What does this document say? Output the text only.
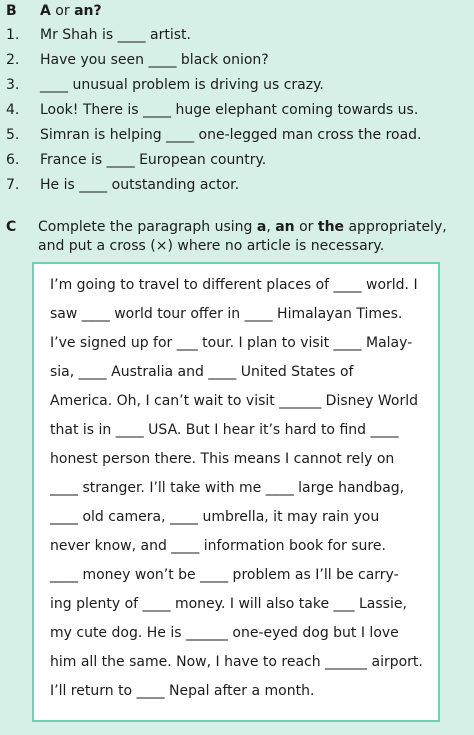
B A or an?
1. Mr Shah is ____ artist.
2. Have you seen ____ black onion?
3. ____ unusual problem is driving us crazy.
4. Look! There is ____ huge elephant coming towards us.
5. Simran is helping ____ one-legged man cross the road.
6. France is ____ European country.
7. He is ____ outstanding actor.
C Complete the paragraph using a, an or the appropriately,
and put a cross (×) where no article is necessary.
I’m going to travel to different places of ____ world. I
saw ____ world tour offer in ____ Himalayan Times.
I’ve signed up for ___ tour. I plan to visit ____ Malay-
sia, ____ Australia and ____ United States of
America. Oh, I can’t wait to visit ______ Disney World
that is in ____ USA. But I hear it’s hard to find ____
honest person there. This means I cannot rely on
____ stranger. I’ll take with me ____ large handbag,
____ old camera, ____ umbrella, it may rain you
never know, and ____ information book for sure.
____ money won’t be ____ problem as I’ll be carry-
ing plenty of ____ money. I will also take ___ Lassie,
my cute dog. He is ______ one-eyed dog but I love
him all the same. Now, I have to reach ______ airport.
I’ll return to ____ Nepal after a month.
